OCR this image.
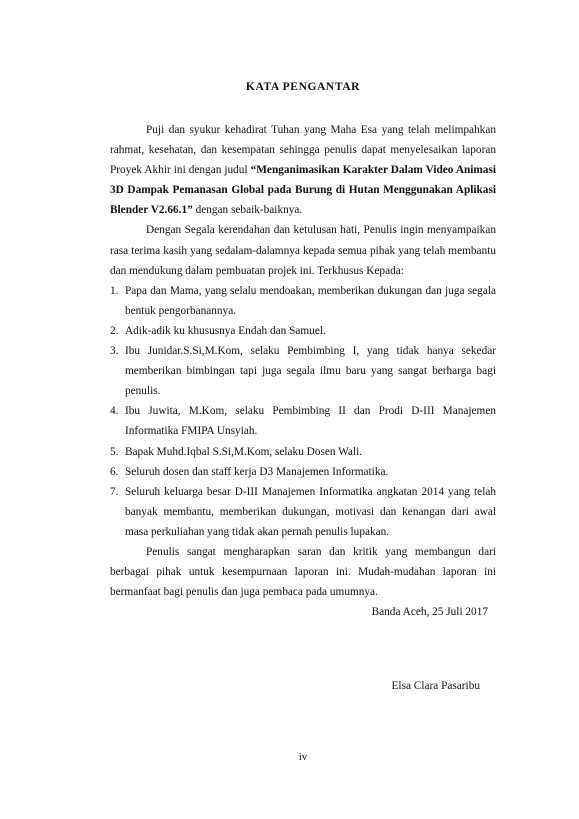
KATA PENGANTAR

Puji dan syukur kehadirat Tuhan yang Maha Esa yang telah melimpahkan rahmat, kesehatan, dan kesempatan sehingga penulis dapat menyelesaikan laporan Proyek Akhir ini dengan judul “Menganimasikan Karakter Dalam Video Animasi 3D Dampak Pemanasan Global pada Burung di Hutan Menggunakan Aplikasi Blender V2.66.1” dengan sebaik-baiknya.

Dengan Segala kerendahan dan ketulusan hati, Penulis ingin menyampaikan rasa terima kasih yang sedalam-dalamnya kepada semua pihak yang telah membantu dan mendukung dalam pembuatan projek ini. Terkhusus Kepada:

1. Papa dan Mama, yang selalu mendoakan, memberikan dukungan dan juga segala bentuk pengorbanannya.
2. Adik-adik ku khususnya Endah dan Samuel.
3. Ibu Junidar.S.Si,M.Kom, selaku Pembimbing I, yang tidak hanya sekedar memberikan bimbingan tapi juga segala ilmu baru yang sangat berharga bagi penulis.
4. Ibu Juwita, M.Kom, selaku Pembimbing II dan Prodi D-III Manajemen Informatika FMIPA Unsyiah.
5. Bapak Muhd.Iqbal S.Si,M.Kom, selaku Dosen Wali.
6. Seluruh dosen dan staff kerja D3 Manajemen Informatika.
7. Seluruh keluarga besar D-III Manajemen Informatika angkatan 2014 yang telah banyak membantu, memberikan dukungan, motivasi dan kenangan dari awal masa perkuliahan yang tidak akan pernah penulis lupakan.

Penulis sangat mengharapkan saran dan kritik yang membangun dari berbagai pihak untuk kesempurnaan laporan ini. Mudah-mudahan laporan ini bermanfaat bagi penulis dan juga pembaca pada umumnya.

Banda Aceh, 25 Juli 2017

Elsa Clara Pasaribu

iv
